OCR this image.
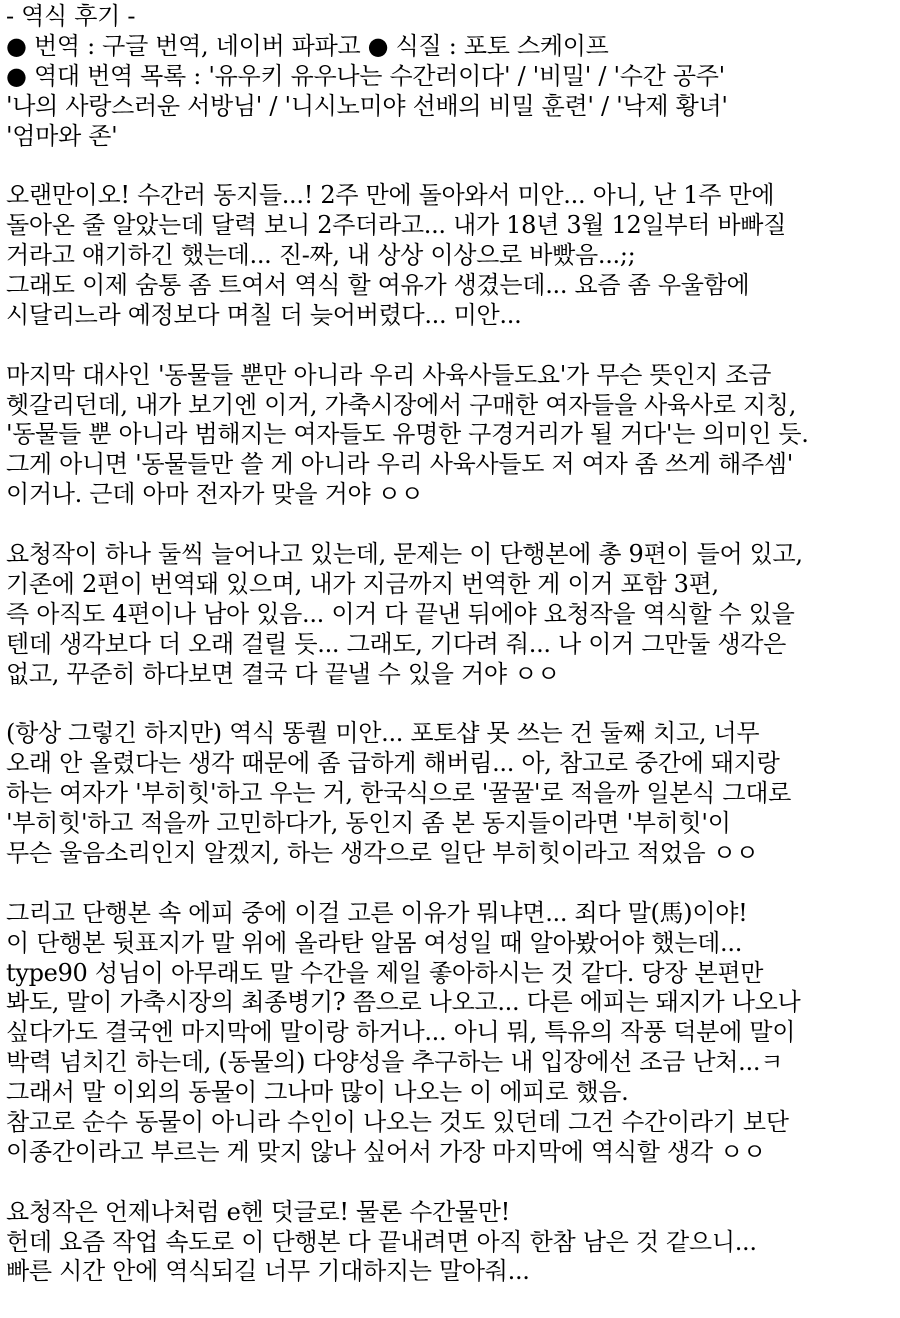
- 역식 후기 -
● 번역 : 구글 번역, 네이버 파파고 ● 식질 : 포토 스케이프
● 역대 번역 목록 : '유우키 유우나는 수간러이다' / '비밀' / '수간 공주'
'나의 사랑스러운 서방님' / '니시노미야 선배의 비밀 훈련' / '낙제 황녀'
'엄마와 존'
오랜만이오! 수간러 동지들...! 2주 만에 돌아와서 미안... 아니, 난 1주 만에
돌아온 줄 알았는데 달력 보니 2주더라고... 내가 18년 3월 12일부터 바빠질
거라고 얘기하긴 했는데... 진-짜, 내 상상 이상으로 바빴음...;;
그래도 이제 숨통 좀 트여서 역식 할 여유가 생겼는데... 요즘 좀 우울함에
시달리느라 예정보다 며칠 더 늦어버렸다... 미안...
마지막 대사인 '동물들 뿐만 아니라 우리 사육사들도요'가 무슨 뜻인지 조금
헷갈리던데, 내가 보기엔 이거, 가축시장에서 구매한 여자들을 사육사로 지칭,
'동물들 뿐 아니라 범해지는 여자들도 유명한 구경거리가 될 거다'는 의미인 듯.
그게 아니면 '동물들만 쓸 게 아니라 우리 사육사들도 저 여자 좀 쓰게 해주셈'
이거나. 근데 아마 전자가 맞을 거야 ㅇㅇ
요청작이 하나 둘씩 늘어나고 있는데, 문제는 이 단행본에 총 9편이 들어 있고,
기존에 2편이 번역돼 있으며, 내가 지금까지 번역한 게 이거 포함 3편,
즉 아직도 4편이나 남아 있음... 이거 다 끝낸 뒤에야 요청작을 역식할 수 있을
텐데 생각보다 더 오래 걸릴 듯... 그래도, 기다려 줘... 나 이거 그만둘 생각은
없고, 꾸준히 하다보면 결국 다 끝낼 수 있을 거야 ㅇㅇ
(항상 그렇긴 하지만) 역식 똥퀄 미안... 포토샵 못 쓰는 건 둘째 치고, 너무
오래 안 올렸다는 생각 때문에 좀 급하게 해버림... 아, 참고로 중간에 돼지랑
하는 여자가 '부히힛'하고 우는 거, 한국식으로 '꿀꿀'로 적을까 일본식 그대로
'부히힛'하고 적을까 고민하다가, 동인지 좀 본 동지들이라면 '부히힛'이
무슨 울음소리인지 알겠지, 하는 생각으로 일단 부히힛이라고 적었음 ㅇㅇ
그리고 단행본 속 에피 중에 이걸 고른 이유가 뭐냐면... 죄다 말(馬)이야!
이 단행본 뒷표지가 말 위에 올라탄 알몸 여성일 때 알아봤어야 했는데...
type90 성님이 아무래도 말 수간을 제일 좋아하시는 것 같다. 당장 본편만
봐도, 말이 가축시장의 최종병기? 쯤으로 나오고... 다른 에피는 돼지가 나오나
싶다가도 결국엔 마지막에 말이랑 하거나... 아니 뭐, 특유의 작풍 덕분에 말이
박력 넘치긴 하는데, (동물의) 다양성을 추구하는 내 입장에선 조금 난처...ㅋ
그래서 말 이외의 동물이 그나마 많이 나오는 이 에피로 했음.
참고로 순수 동물이 아니라 수인이 나오는 것도 있던데 그건 수간이라기 보단
이종간이라고 부르는 게 맞지 않나 싶어서 가장 마지막에 역식할 생각 ㅇㅇ
요청작은 언제나처럼 e헨 덧글로! 물론 수간물만!
헌데 요즘 작업 속도로 이 단행본 다 끝내려면 아직 한참 남은 것 같으니...
빠른 시간 안에 역식되길 너무 기대하지는 말아줘...
